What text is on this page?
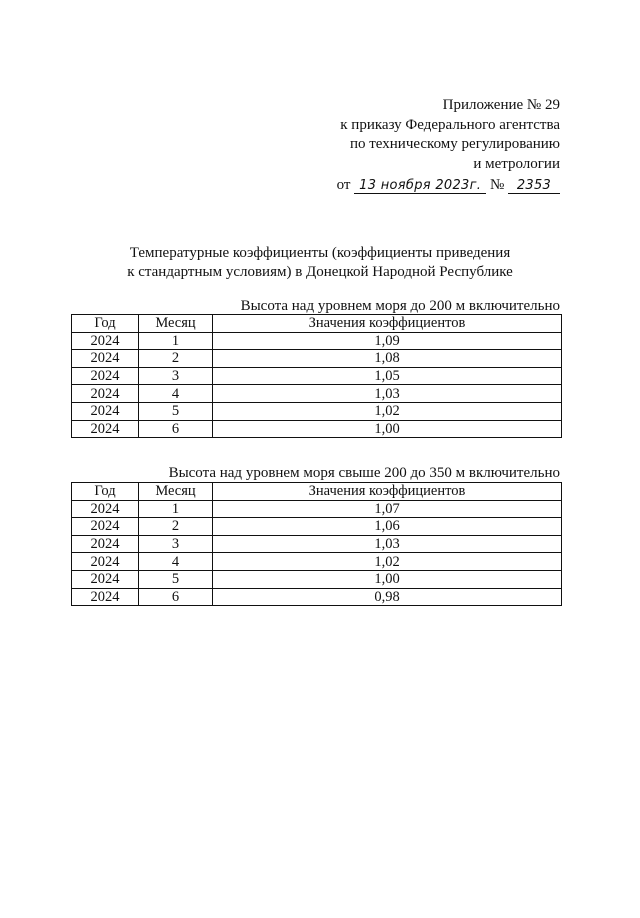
Приложение № 29
к приказу Федерального агентства
по техническому регулированию
и метрологии
от 13 ноября 2023г. № 2353
Температурные коэффициенты (коэффициенты приведения
к стандартным условиям) в Донецкой Народной Республике
Высота над уровнем моря до 200 м включительно
Год	Месяц	Значения коэффициентов
2024	1	1,09
2024	2	1,08
2024	3	1,05
2024	4	1,03
2024	5	1,02
2024	6	1,00
Высота над уровнем моря свыше 200 до 350 м включительно
Год	Месяц	Значения коэффициентов
2024	1	1,07
2024	2	1,06
2024	3	1,03
2024	4	1,02
2024	5	1,00
2024	6	0,98
